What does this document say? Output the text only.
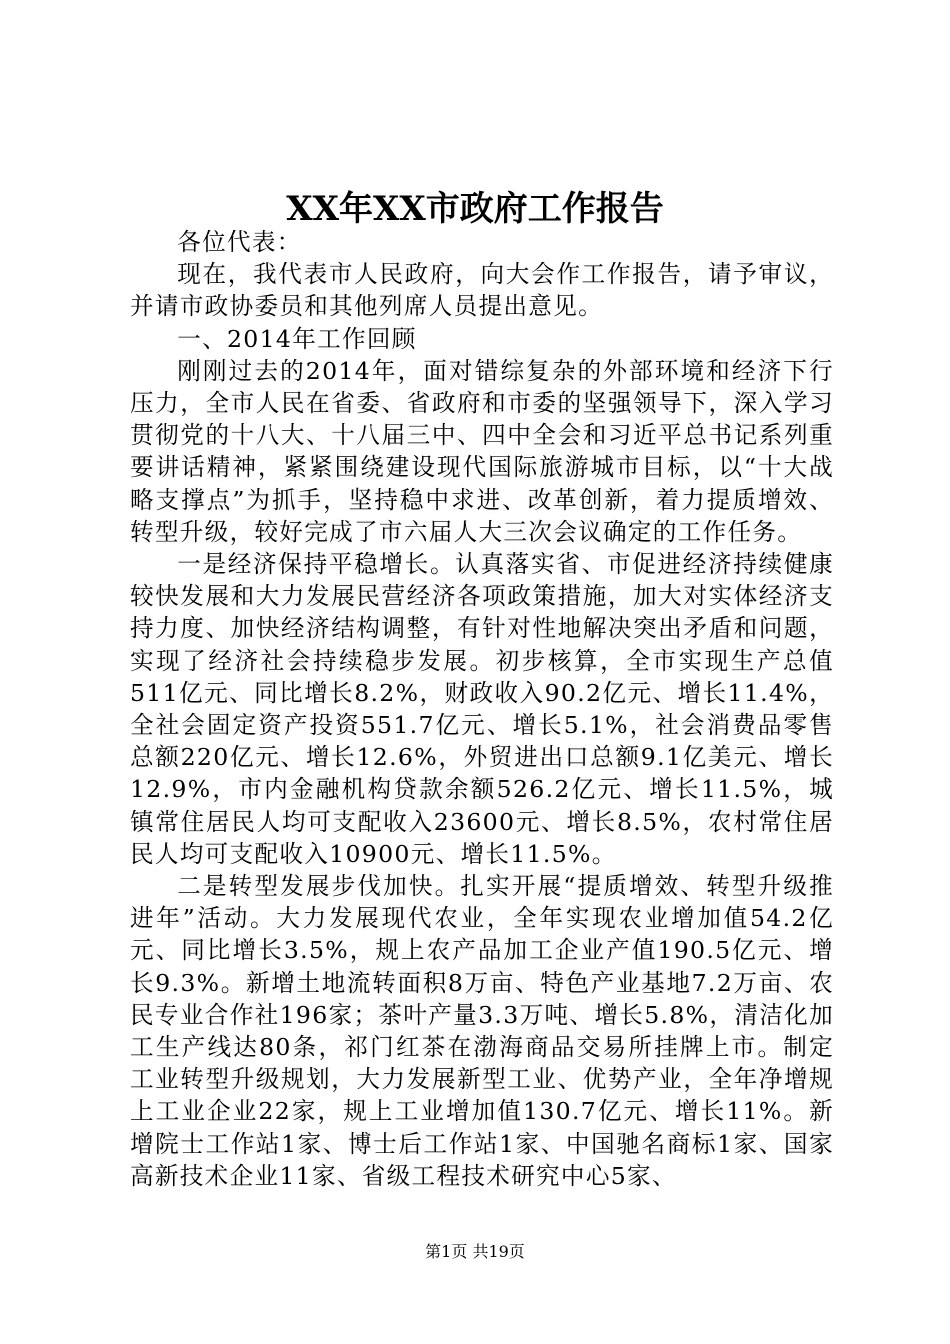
XX年XX市政府工作报告

各位代表：

现在，我代表市人民政府，向大会作工作报告，请予审议，并请市政协委员和其他列席人员提出意见。

一、2014年工作回顾

刚刚过去的2014年，面对错综复杂的外部环境和经济下行压力，全市人民在省委、省政府和市委的坚强领导下，深入学习贯彻党的十八大、十八届三中、四中全会和习近平总书记系列重要讲话精神，紧紧围绕建设现代国际旅游城市目标，以“十大战略支撑点”为抓手，坚持稳中求进、改革创新，着力提质增效、转型升级，较好完成了市六届人大三次会议确定的工作任务。

一是经济保持平稳增长。认真落实省、市促进经济持续健康较快发展和大力发展民营经济各项政策措施，加大对实体经济支持力度、加快经济结构调整，有针对性地解决突出矛盾和问题，实现了经济社会持续稳步发展。初步核算，全市实现生产总值511亿元、同比增长8.2%，财政收入90.2亿元、增长11.4%，全社会固定资产投资551.7亿元、增长5.1%，社会消费品零售总额220亿元、增长12.6%，外贸进出口总额9.1亿美元、增长12.9%，市内金融机构贷款余额526.2亿元、增长11.5%，城镇常住居民人均可支配收入23600元、增长8.5%，农村常住居民人均可支配收入10900元、增长11.5%。

二是转型发展步伐加快。扎实开展“提质增效、转型升级推进年”活动。大力发展现代农业，全年实现农业增加值54.2亿元、同比增长3.5%，规上农产品加工企业产值190.5亿元、增长9.3%。新增土地流转面积8万亩、特色产业基地7.2万亩、农民专业合作社196家；茶叶产量3.3万吨、增长5.8%，清洁化加工生产线达80条，祁门红茶在渤海商品交易所挂牌上市。制定工业转型升级规划，大力发展新型工业、优势产业，全年净增规上工业企业22家，规上工业增加值130.7亿元、增长11%。新增院士工作站1家、博士后工作站1家、中国驰名商标1家、国家高新技术企业11家、省级工程技术研究中心5家、

第1页 共19页
